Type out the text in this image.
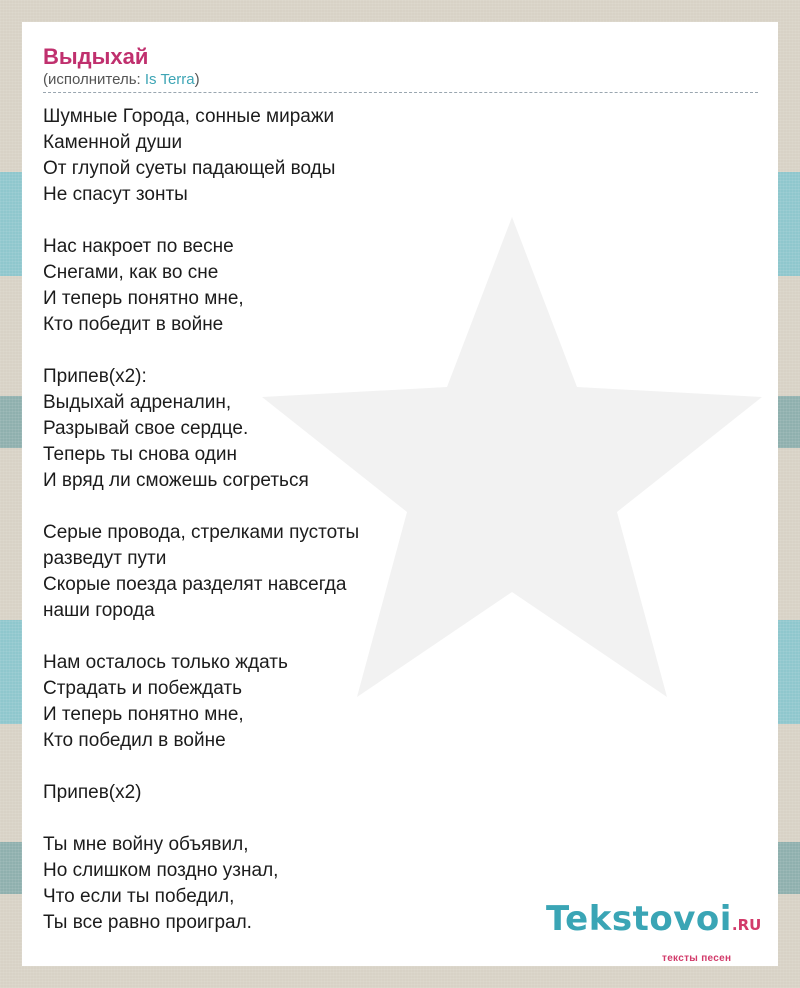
Выдыхай
(исполнитель: Is Terra)
Шумные Города, сонные миражи
Каменной души
От глупой суеты падающей воды
Не спасут зонты
Нас накроет по весне
Снегами, как во сне
И теперь понятно мне,
Кто победит в войне
Припев(x2):
Выдыхай адреналин,
Разрывай свое сердце.
Теперь ты снова один
И вряд ли сможешь согреться
Серые провода, стрелками пустоты
разведут пути
Скорые поезда разделят навсегда
наши города
Нам осталось только ждать
Страдать и побеждать
И теперь понятно мне,
Кто победил в войне
Припев(x2)
Ты мне войну объявил,
Но слишком поздно узнал,
Что если ты победил,
Ты все равно проиграл.	Tekstovoi.RU
тексты песен
